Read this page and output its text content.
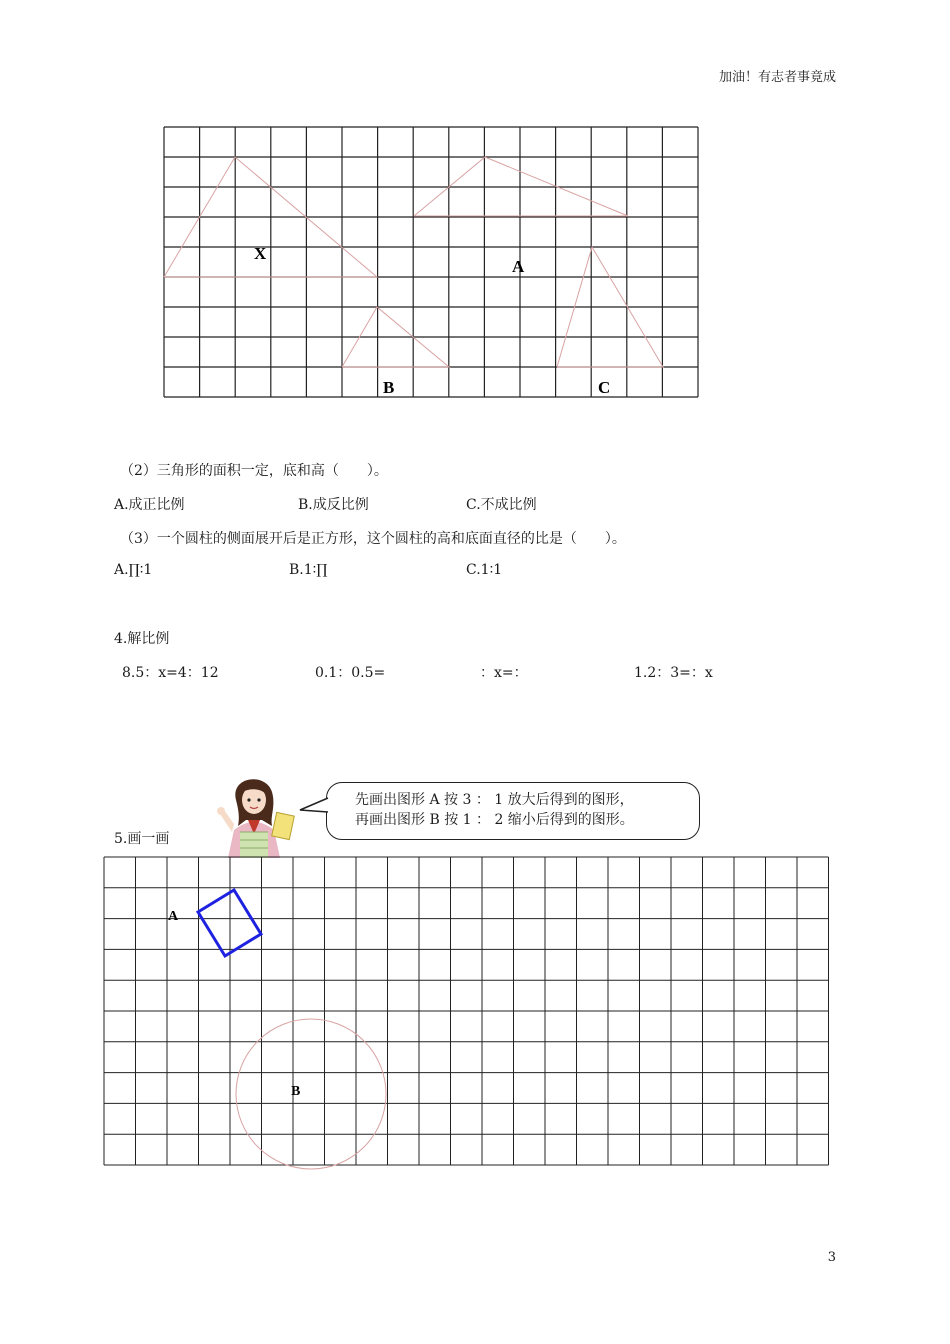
加油！有志者事竟成
X
A
B	C
（2）三角形的面积一定，底和高（　　）。
A.成正比例	B.成反比例	C.不成比例
（3）一个圆柱的侧面展开后是正方形，这个圆柱的高和底面直径的比是（　　）。
A.∏∶1	B.1∶∏	C.1∶1
4.解比例
8.5：x=4：12	0.1：0.5=	：x=：	1.2：3=：x
5.画一画
先画出图形 A 按 3 ： 1 放大后得到的图形，
再画出图形 B 按 1 ： 2 缩小后得到的图形。
A
B
3
